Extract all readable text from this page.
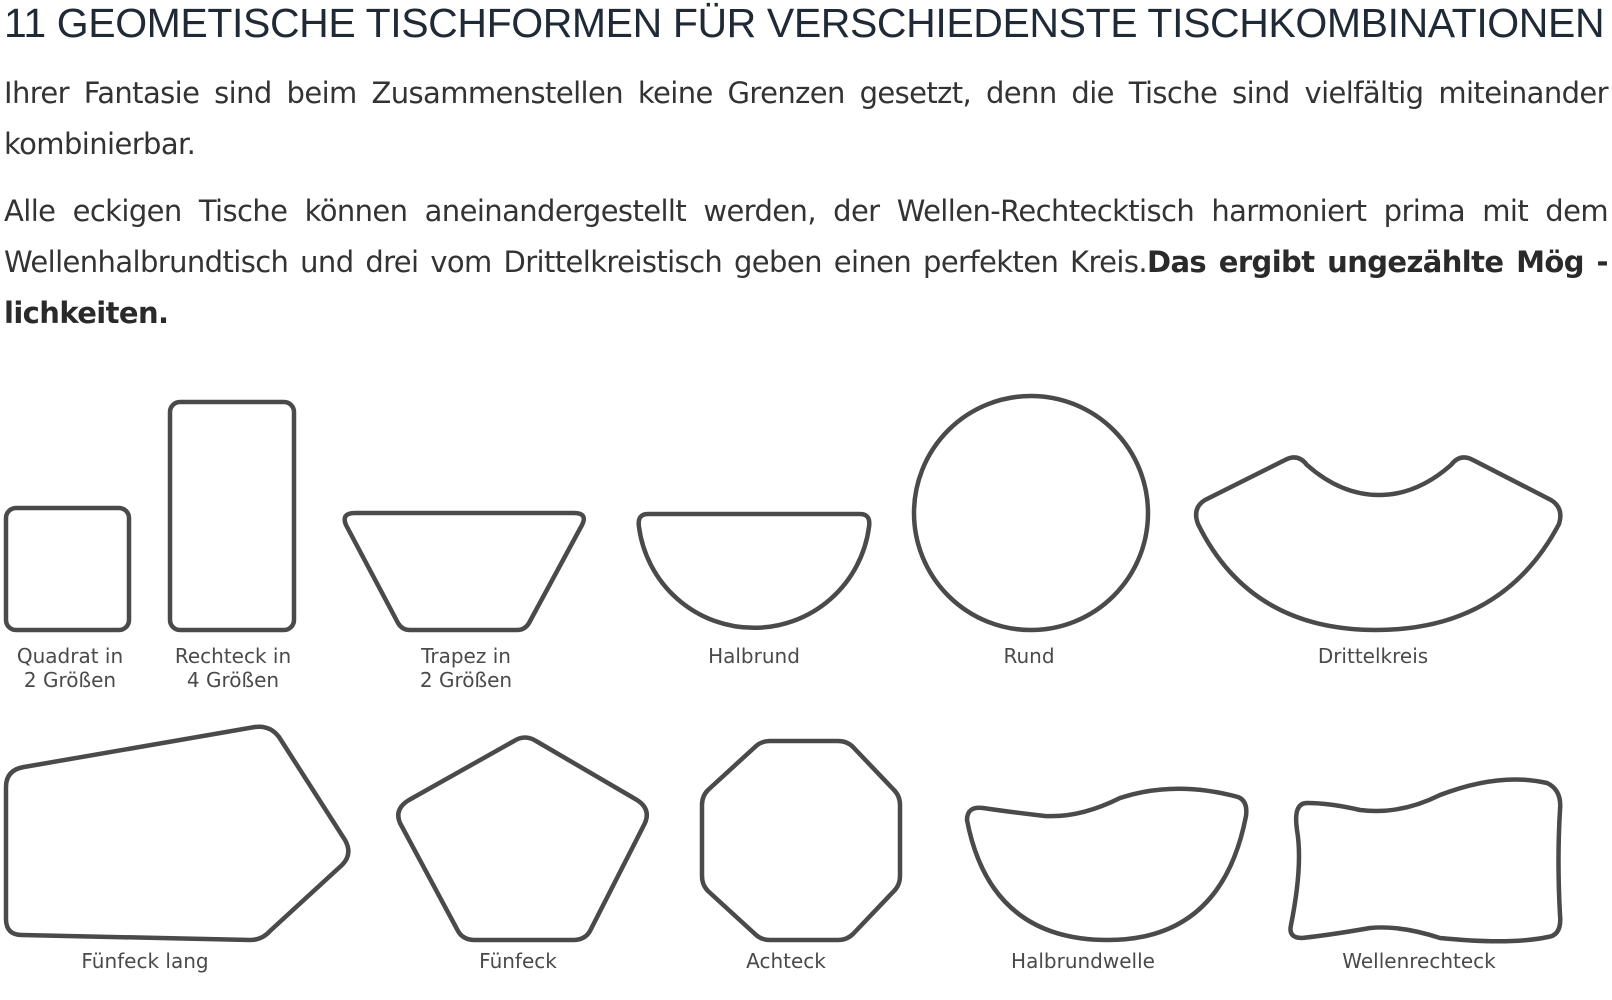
11 GEOMETISCHE TISCHFORMEN FÜR VERSCHIEDENSTE TISCHKOMBINATIONEN

Ihrer Fantasie sind beim Zusammenstellen keine Grenzen gesetzt, denn die Tische sind vielfältig miteinander kombinierbar.

Alle eckigen Tische können aneinandergestellt werden, der Wellen-Rechtecktisch harmoniert prima mit dem Wellenhalbrundtisch und drei vom Drittelkreistisch geben einen perfekten Kreis.Das ergibt ungezählte Mög - lichkeiten.

Quadrat in
2 Größen
Rechteck in
4 Größen
Trapez in
2 Größen
Halbrund	Rund	Drittelkreis
Fünfeck lang	Fünfeck	Achteck	Halbrundwelle	Wellenrechteck
